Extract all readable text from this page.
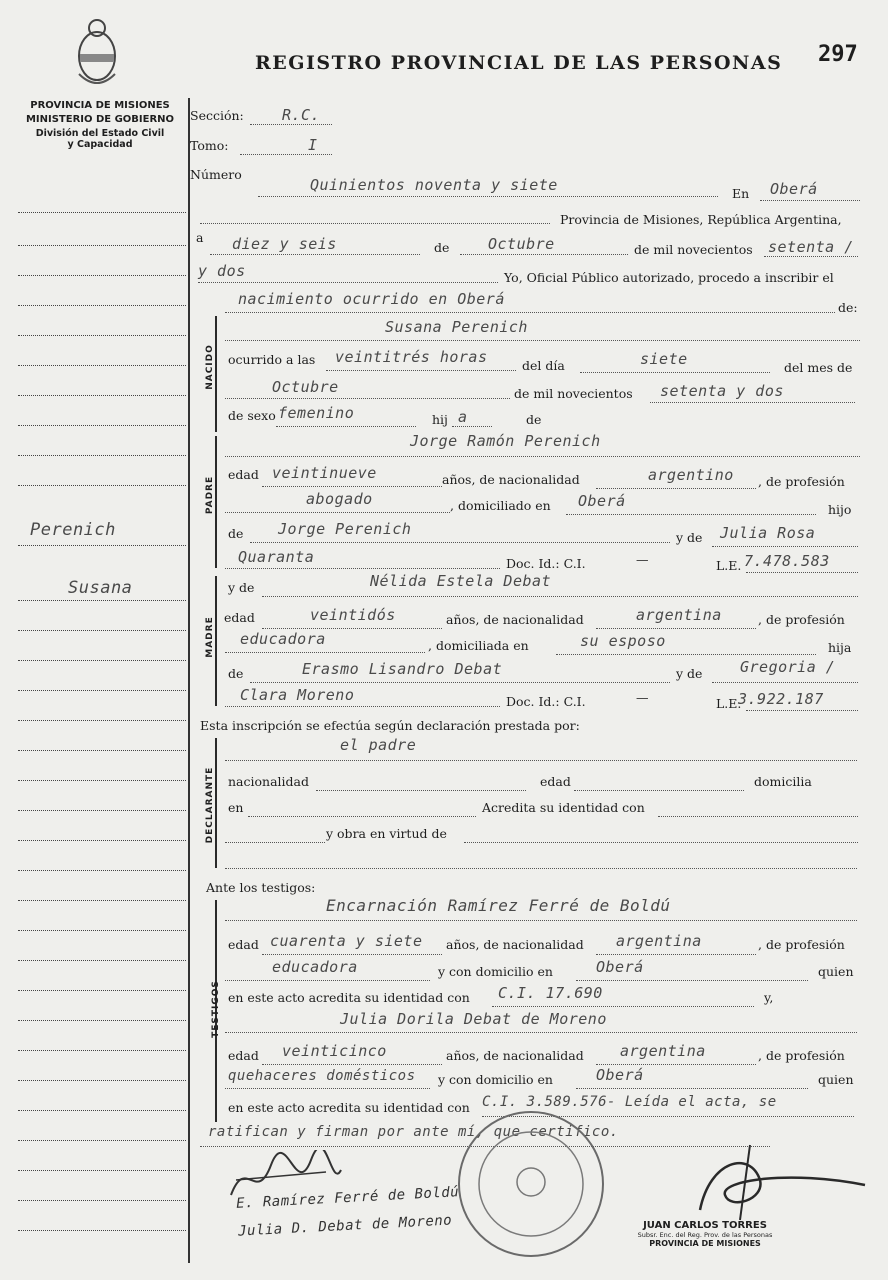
PROVINCIA DE MISIONES
MINISTERIO DE GOBIERNO
División del Estado Civil
y Capacidad
REGISTRO PROVINCIAL DE LAS PERSONAS 297
Perenich
Susana
Sección:	R.C.
Tomo:	I
Número
Quinientos noventa y siete	En Oberá
Provincia de Misiones, República Argentina,
a diez y seis	de	Octubre	de mil novecientos setenta /
y dos	Yo, Oficial Público autorizado, procedo a inscribir el
nacimiento ocurrido en Oberá	de:
NACIDO
Susana Perenich
ocurrido a las veintitrés horas	del día	siete	del mes de
Octubre	de mil novecientos setenta y dos
de sexo femenino	hij a	de
PADRE
Jorge Ramón Perenich
edad veintinueve	años, de nacionalidad	argentino , de profesión
abogado	, domiciliado en Oberá	hijo
de Jorge Perenich	y de Julia Rosa
Quaranta	Doc. Id.: C.I.	—	L.E. 7.478.583
MADRE
y de	Nélida Estela Debat
edad	veintidós	años, de nacionalidad	argentina	, de profesión
educadora	, domiciliada en	su esposo	hija
de	Erasmo Lisandro Debat	y de	Gregoria /
Clara Moreno	Doc. Id.: C.I.	—	L.E.
3.922.187
Esta inscripción se efectúa según declaración prestada por:
DECLARANTE
el padre
nacionalidad	edad	domicilia
en	Acredita su identidad con
y obra en virtud de
Ante los testigos:
TESTIGOS
Encarnación Ramírez Ferré de Boldú
edad cuarenta y siete años, de nacionalidad argentina	, de profesión
educadora	y con domicilio en	Oberá	quien
en este acto acredita su identidad con C.I. 17.690	y,
Julia Dorila Debat de Moreno
edad veinticinco	años, de nacionalidad argentina	, de profesión
quehaceres domésticos y con domicilio en	Oberá	quien
en este acto acredita su identidad con C.I. 3.589.576- Leída el acta, se
ratifican y firman por ante mí, que certifico.
E. Ramírez Ferré de Boldú
Julia D. Debat de Moreno	JUAN CARLOS TORRES
Subsr. Enc. del Reg. Prov. de las Personas
PROVINCIA DE MISIONES
